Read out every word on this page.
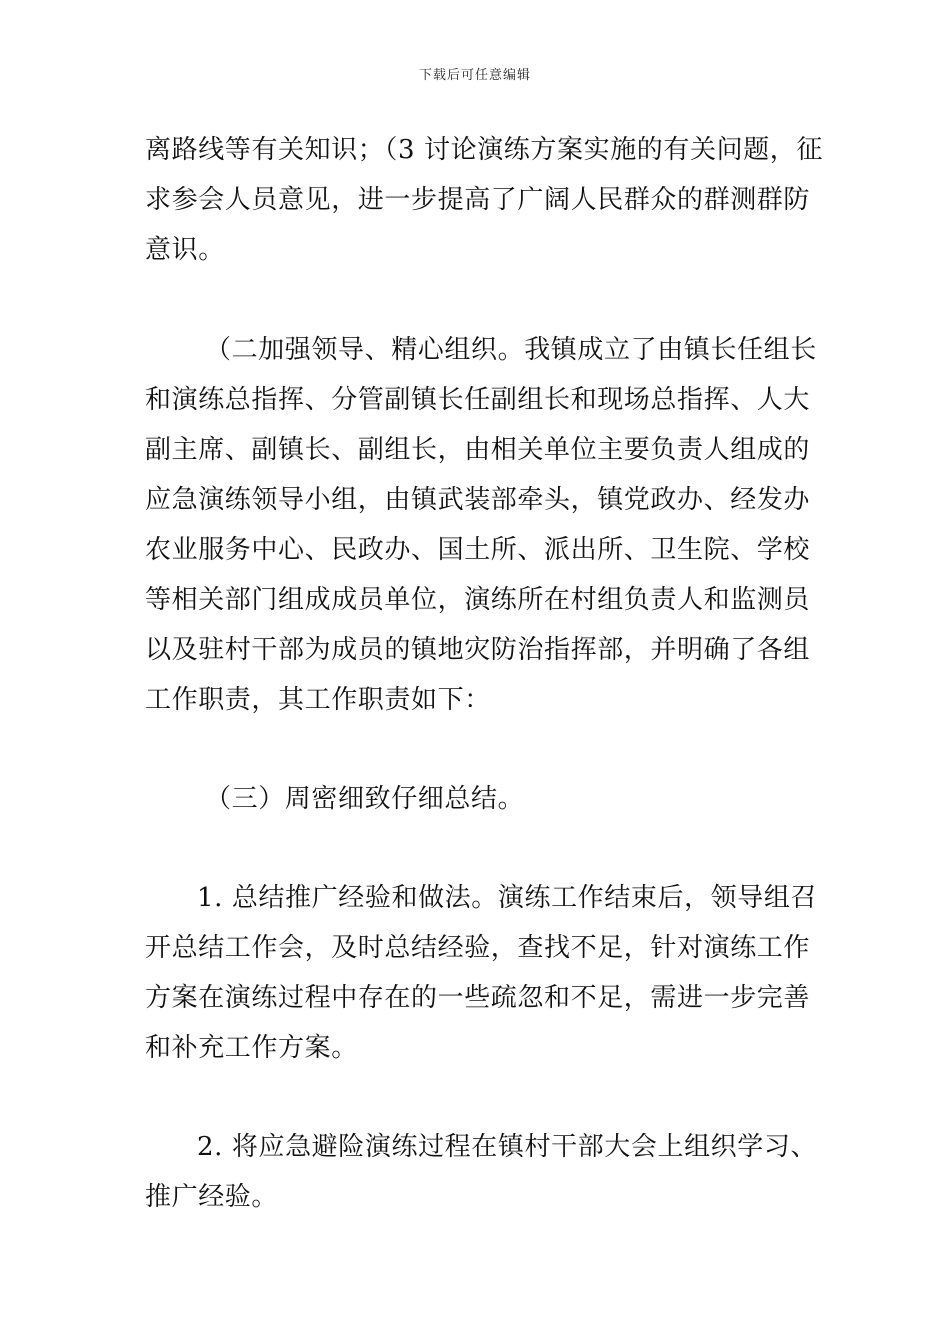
下载后可任意编辑
离路线等有关知识；（3 讨论演练方案实施的有关问题，征
求参会人员意见，进一步提高了广阔人民群众的群测群防
意识。
（二加强领导、精心组织。我镇成立了由镇长任组长
和演练总指挥、分管副镇长任副组长和现场总指挥、人大
副主席、副镇长、副组长，由相关单位主要负责人组成的
应急演练领导小组，由镇武装部牵头，镇党政办、经发办
农业服务中心、民政办、国土所、派出所、卫生院、学校
等相关部门组成成员单位，演练所在村组负责人和监测员
以及驻村干部为成员的镇地灾防治指挥部，并明确了各组
工作职责，其工作职责如下：
（三）周密细致仔细总结。
1. 总结推广经验和做法。演练工作结束后，领导组召
开总结工作会，及时总结经验，查找不足，针对演练工作
方案在演练过程中存在的一些疏忽和不足，需进一步完善
和补充工作方案。
2. 将应急避险演练过程在镇村干部大会上组织学习、
推广经验。
